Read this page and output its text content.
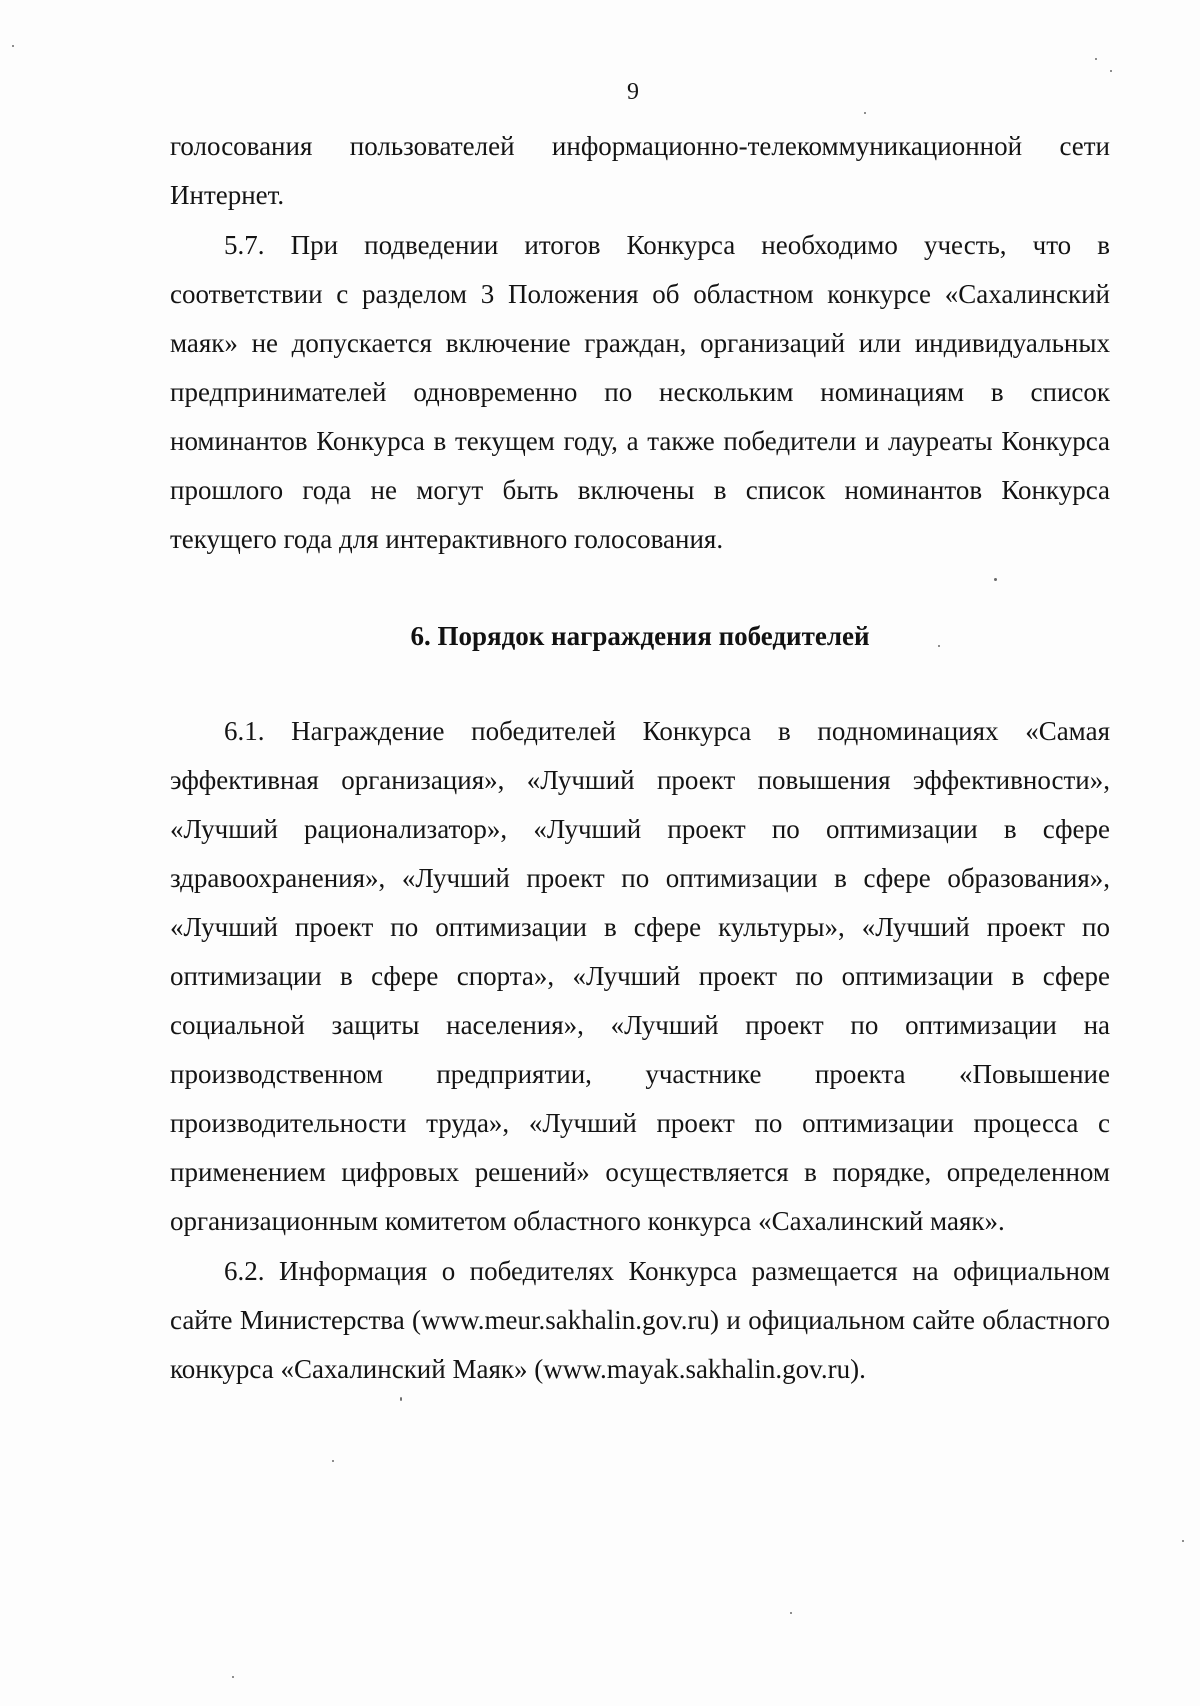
9

голосования пользователей информационно-телекоммуникационной сети Интернет.

5.7. При подведении итогов Конкурса необходимо учесть, что в соответствии с разделом 3 Положения об областном конкурсе «Сахалинский маяк» не допускается включение граждан, организаций или индивидуальных предпринимателей одновременно по нескольким номинациям в список номинантов Конкурса в текущем году, а также победители и лауреаты Конкурса прошлого года не могут быть включены в список номинантов Конкурса текущего года для интерактивного голосования.

6. Порядок награждения победителей

6.1. Награждение победителей Конкурса в подноминациях «Самая эффективная организация», «Лучший проект повышения эффективности», «Лучший рационализатор», «Лучший проект по оптимизации в сфере здравоохранения», «Лучший проект по оптимизации в сфере образования», «Лучший проект по оптимизации в сфере культуры», «Лучший проект по оптимизации в сфере спорта», «Лучший проект по оптимизации в сфере социальной защиты населения», «Лучший проект по оптимизации на производственном предприятии, участнике проекта «Повышение производительности труда», «Лучший проект по оптимизации процесса с применением цифровых решений» осуществляется в порядке, определенном организационным комитетом областного конкурса «Сахалинский маяк».

6.2. Информация о победителях Конкурса размещается на официальном сайте Министерства (www.meur.sakhalin.gov.ru) и официальном сайте областного конкурса «Сахалинский Маяк» (www.mayak.sakhalin.gov.ru).
